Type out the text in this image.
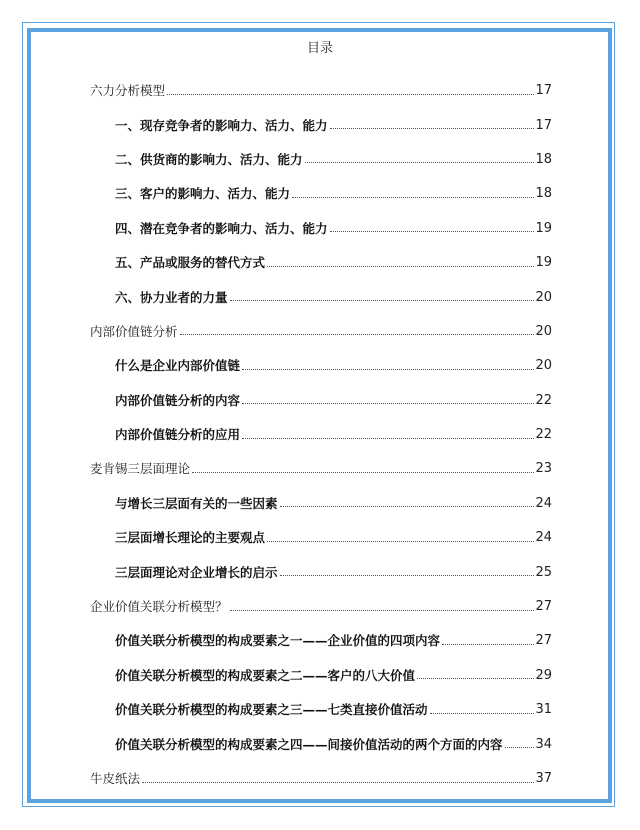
目录
六力分析模型	17
一、现存竞争者的影响力、活力、能力	17
二、供货商的影响力、活力、能力	18
三、客户的影响力、活力、能力	18
四、潜在竞争者的影响力、活力、能力	19
五、产品或服务的替代方式	19
六、协力业者的力量	20
内部价值链分析	20
什么是企业内部价值链	20
内部价值链分析的内容	22
内部价值链分析的应用	22
麦肯锡三层面理论	23
与增长三层面有关的一些因素	24
三层面增长理论的主要观点	24
三层面理论对企业增长的启示	25
企业价值关联分析模型？	27
价值关联分析模型的构成要素之一——企业价值的四项内容	27
价值关联分析模型的构成要素之二——客户的八大价值	29
价值关联分析模型的构成要素之三——七类直接价值活动	31
价值关联分析模型的构成要素之四——间接价值活动的两个方面的内容	34
牛皮纸法	37
